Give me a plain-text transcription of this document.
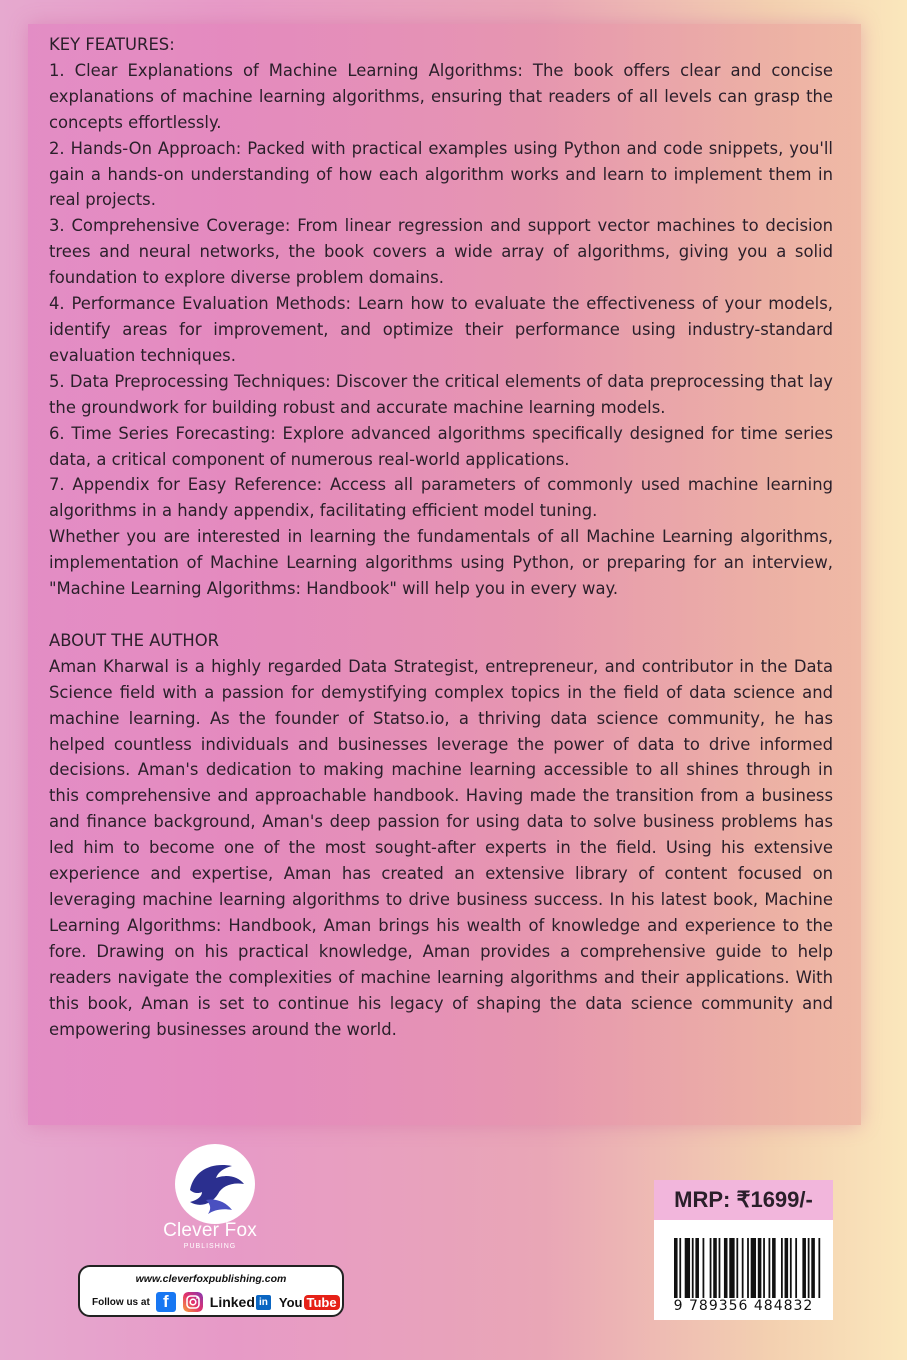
KEY FEATURES:

1. Clear Explanations of Machine Learning Algorithms: The book offers clear and concise explanations of machine learning algorithms, ensuring that readers of all levels can grasp the concepts effortlessly.

2. Hands-On Approach: Packed with practical examples using Python and code snippets, you'll gain a hands-on understanding of how each algorithm works and learn to implement them in real projects.

3. Comprehensive Coverage: From linear regression and support vector machines to decision trees and neural networks, the book covers a wide array of algorithms, giving you a solid foundation to explore diverse problem domains.

4. Performance Evaluation Methods: Learn how to evaluate the effectiveness of your models, identify areas for improvement, and optimize their performance using industry-standard evaluation techniques.

5. Data Preprocessing Techniques: Discover the critical elements of data preprocessing that lay the groundwork for building robust and accurate machine learning models.

6. Time Series Forecasting: Explore advanced algorithms specifically designed for time series data, a critical component of numerous real-world applications.

7. Appendix for Easy Reference: Access all parameters of commonly used machine learning algorithms in a handy appendix, facilitating efficient model tuning.

Whether you are interested in learning the fundamentals of all Machine Learning algorithms, implementation of Machine Learning algorithms using Python, or preparing for an interview, "Machine Learning Algorithms: Handbook" will help you in every way.

ABOUT THE AUTHOR

Aman Kharwal is a highly regarded Data Strategist, entrepreneur, and contributor in the Data Science field with a passion for demystifying complex topics in the field of data science and machine learning. As the founder of Statso.io, a thriving data science community, he has helped countless individuals and businesses leverage the power of data to drive informed decisions. Aman's dedication to making machine learning accessible to all shines through in this comprehensive and approachable handbook. Having made the transition from a business and finance background, Aman's deep passion for using data to solve business problems has led him to become one of the most sought-after experts in the field. Using his extensive experience and expertise, Aman has created an extensive library of content focused on leveraging machine learning algorithms to drive business success. In his latest book, Machine Learning Algorithms: Handbook, Aman brings his wealth of knowledge and experience to the fore. Drawing on his practical knowledge, Aman provides a comprehensive guide to help readers navigate the complexities of machine learning algorithms and their applications. With this book, Aman is set to continue his legacy of shaping the data science community and empowering businesses around the world.

Clever Fox
PUBLISHING
www.cleverfoxpublishing.com
Follow us at f	Linked in You Tube
MRP: ₹1699/-
9 789356 484832
